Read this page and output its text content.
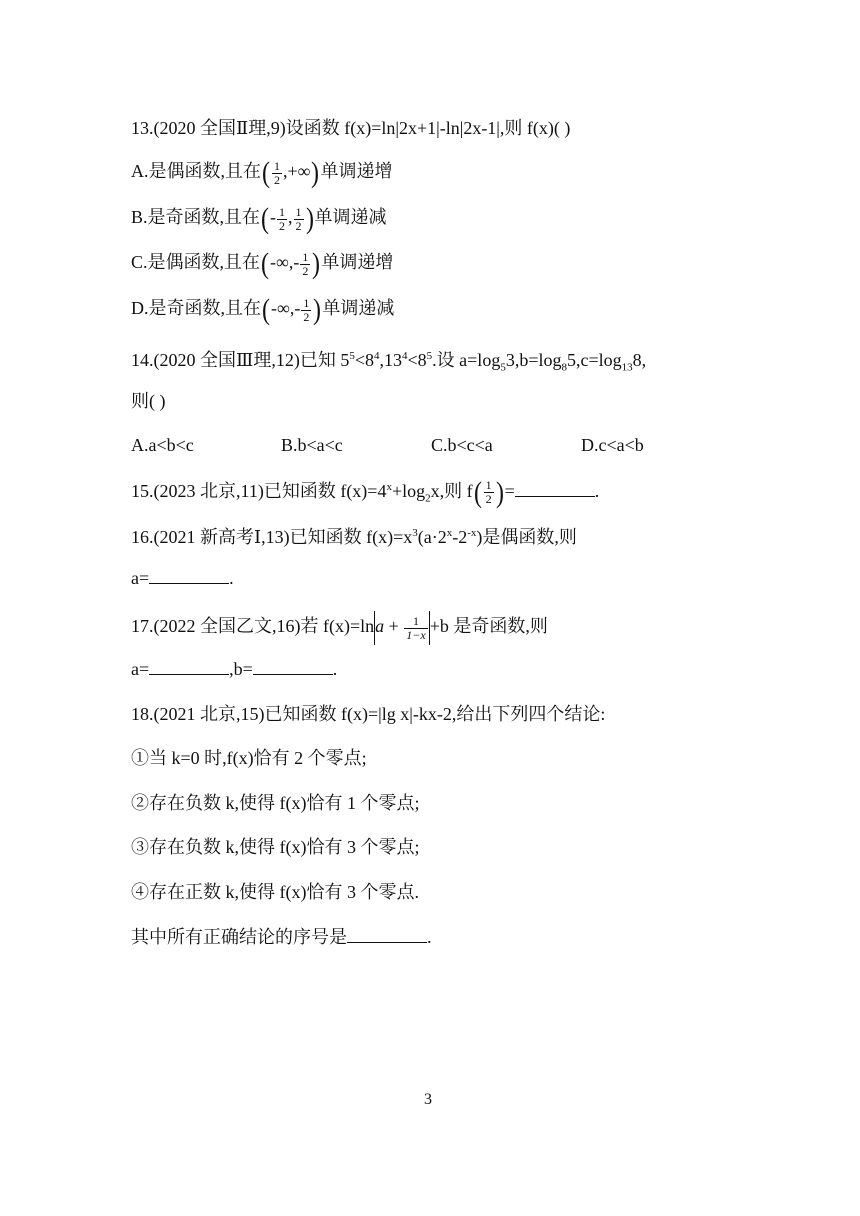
13.(2020 全国Ⅱ理,9)设函数 f(x)=ln|2x+1|-ln|2x-1|,则 f(x)( )
A.是偶函数,且在( $\frac{1}{2}$ ,+∞)单调递增
B.是奇函数,且在(- $\frac{1}{2}$ , $\frac{1}{2}$ )单调递减
C.是偶函数,且在(-∞,- $\frac{1}{2}$ )单调递增
D.是奇函数,且在(-∞,- $\frac{1}{2}$ )单调递减
14.(2020 全国Ⅲ理,12)已知 $5^5<8^4,13^4<8^5$.设 $a=\log_53,b=\log_85,c=\log_{13}8$,
则( )
A.a<b<c	B.b<a<c	C.b<c<a	D.c<a<b
15.(2023 北京,11)已知函数 $f(x)=4^x+\log_2x$,则 $f( \frac{1}{2}$ )=	.
16.(2021 新高考Ⅰ,13)已知函数 $f(x)=x^3(a\cdot 2^x-2^{-x})$是偶函数,则
a=	.
17.(2022 全国乙文,16)若 $f(x)=\ln a + \frac{1}{1-x} +b$ 是奇函数,则
a=	,b=	.
18.(2021 北京,15)已知函数 f(x)=|lg x|-kx-2,给出下列四个结论:
①当 k=0 时,f(x)恰有 2 个零点;
②存在负数 k,使得 f(x)恰有 1 个零点;
③存在负数 k,使得 f(x)恰有 3 个零点;
④存在正数 k,使得 f(x)恰有 3 个零点.
其中所有正确结论的序号是	.
3
